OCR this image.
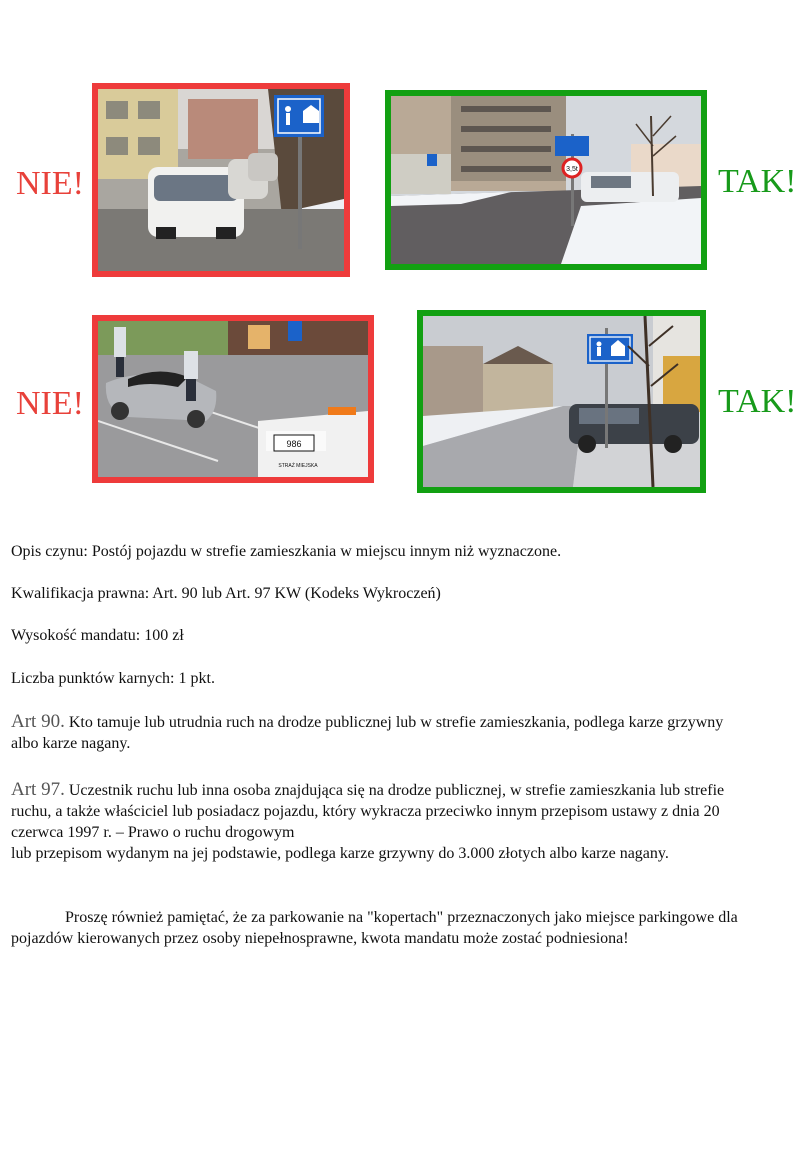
NIE!	3,5t	TAK!
NIE!
986
STRAŻ MIEJSKA
TAK!
Opis czynu: Postój pojazdu w strefie zamieszkania w miejscu innym niż wyznaczone.
Kwalifikacja prawna: Art. 90 lub Art. 97 KW (Kodeks Wykroczeń)
Wysokość mandatu: 100 zł
Liczba punktów karnych: 1 pkt.
Art 90. Kto tamuje lub utrudnia ruch na drodze publicznej lub w strefie zamieszkania, podlega karze grzywny albo karze nagany.
Art 97. Uczestnik ruchu lub inna osoba znajdująca się na drodze publicznej, w strefie zamieszkania lub strefie ruchu, a także właściciel lub posiadacz pojazdu, który wykracza przeciwko innym przepisom ustawy z dnia 20 czerwca 1997 r. – Prawo o ruchu drogowym
lub przepisom wydanym na jej podstawie, podlega karze grzywny do 3.000 złotych albo karze nagany.
Proszę również pamiętać, że za parkowanie na "kopertach" przeznaczonych jako miejsce parkingowe dla pojazdów kierowanych przez osoby niepełnosprawne, kwota mandatu może zostać podniesiona!
